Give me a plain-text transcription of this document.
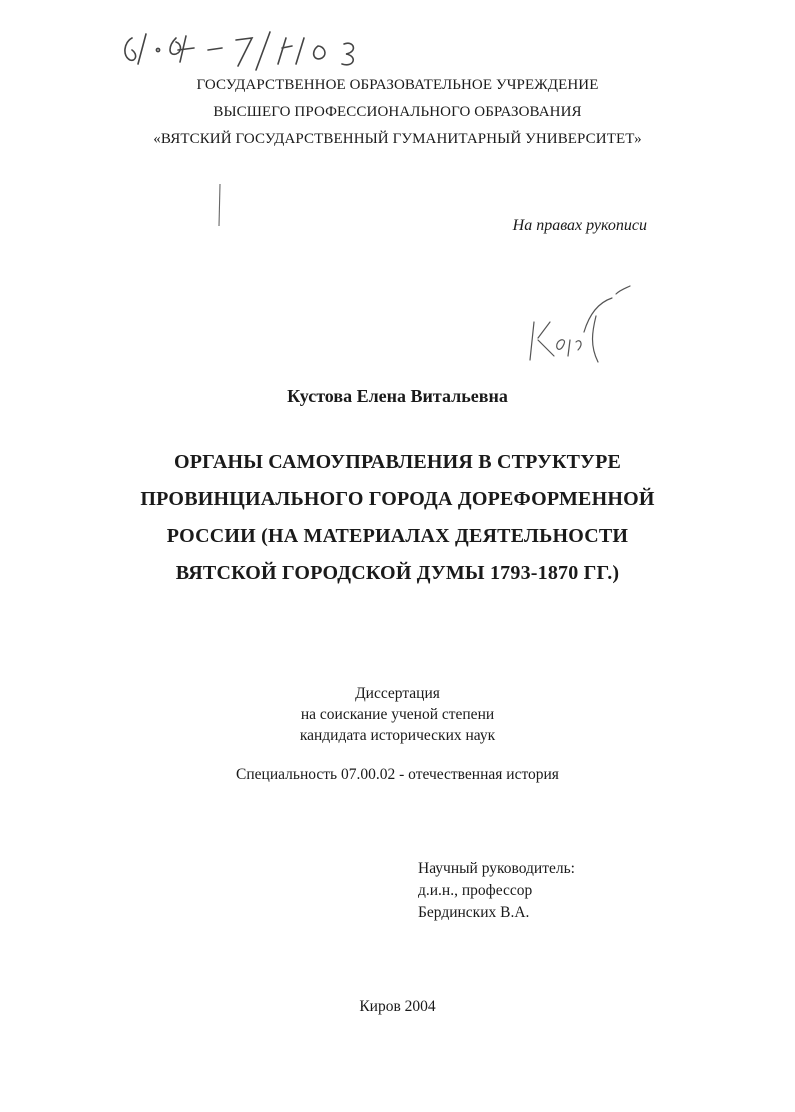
ГОСУДАРСТВЕННОЕ ОБРАЗОВАТЕЛЬНОЕ УЧРЕЖДЕНИЕ
ВЫСШЕГО ПРОФЕССИОНАЛЬНОГО ОБРАЗОВАНИЯ
«ВЯТСКИЙ ГОСУДАРСТВЕННЫЙ ГУМАНИТАРНЫЙ УНИВЕРСИТЕТ»
На правах рукописи
Кустова Елена Витальевна
ОРГАНЫ САМОУПРАВЛЕНИЯ В СТРУКТУРЕ
ПРОВИНЦИАЛЬНОГО ГОРОДА ДОРЕФОРМЕННОЙ
РОССИИ (НА МАТЕРИАЛАХ ДЕЯТЕЛЬНОСТИ
ВЯТСКОЙ ГОРОДСКОЙ ДУМЫ 1793-1870 ГГ.)
Диссертация
на соискание ученой степени
кандидата исторических наук
Специальность 07.00.02 - отечественная история
Научный руководитель:
д.и.н., профессор
Бердинских В.А.
Киров 2004
